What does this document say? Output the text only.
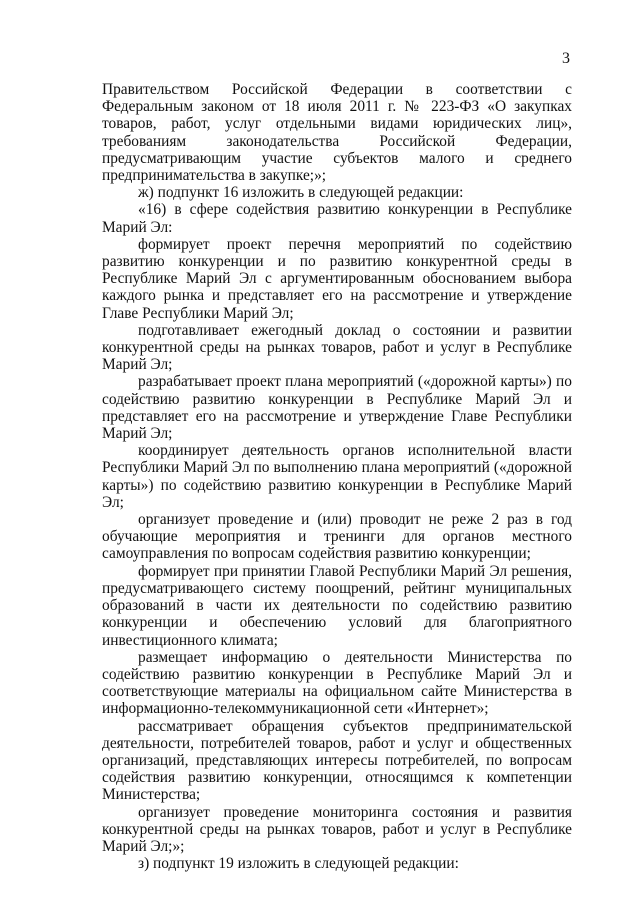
3

Правительством Российской Федерации в соответствии с Федеральным законом от 18 июля 2011 г. № 223-ФЗ «О закупках товаров, работ, услуг отдельными видами юридических лиц», требованиям законодательства Российской Федерации, предусматривающим участие субъектов малого и среднего предпринимательства в закупке;»;

ж) подпункт 16 изложить в следующей редакции:

«16) в сфере содействия развитию конкуренции в Республике Марий Эл:

формирует проект перечня мероприятий по содействию развитию конкуренции и по развитию конкурентной среды в Республике Марий Эл с аргументированным обоснованием выбора каждого рынка и представляет его на рассмотрение и утверждение Главе Республики Марий Эл;

подготавливает ежегодный доклад о состоянии и развитии конкурентной среды на рынках товаров, работ и услуг в Республике Марий Эл;

разрабатывает проект плана мероприятий («дорожной карты») по содействию развитию конкуренции в Республике Марий Эл и представляет его на рассмотрение и утверждение Главе Республики Марий Эл;

координирует деятельность органов исполнительной власти Республики Марий Эл по выполнению плана мероприятий («дорожной карты») по содействию развитию конкуренции в Республике Марий Эл;

организует проведение и (или) проводит не реже 2 раз в год обучающие мероприятия и тренинги для органов местного самоуправления по вопросам содействия развитию конкуренции;

формирует при принятии Главой Республики Марий Эл решения, предусматривающего систему поощрений, рейтинг муниципальных образований в части их деятельности по содействию развитию конкуренции и обеспечению условий для благоприятного инвестиционного климата;

размещает информацию о деятельности Министерства по содействию развитию конкуренции в Республике Марий Эл и соответствующие материалы на официальном сайте Министерства в информационно-телекоммуникационной сети «Интернет»;

рассматривает обращения субъектов предпринимательской деятельности, потребителей товаров, работ и услуг и общественных организаций, представляющих интересы потребителей, по вопросам содействия развитию конкуренции, относящимся к компетенции Министерства;

организует проведение мониторинга состояния и развития конкурентной среды на рынках товаров, работ и услуг в Республике Марий Эл;»;

з) подпункт 19 изложить в следующей редакции:
